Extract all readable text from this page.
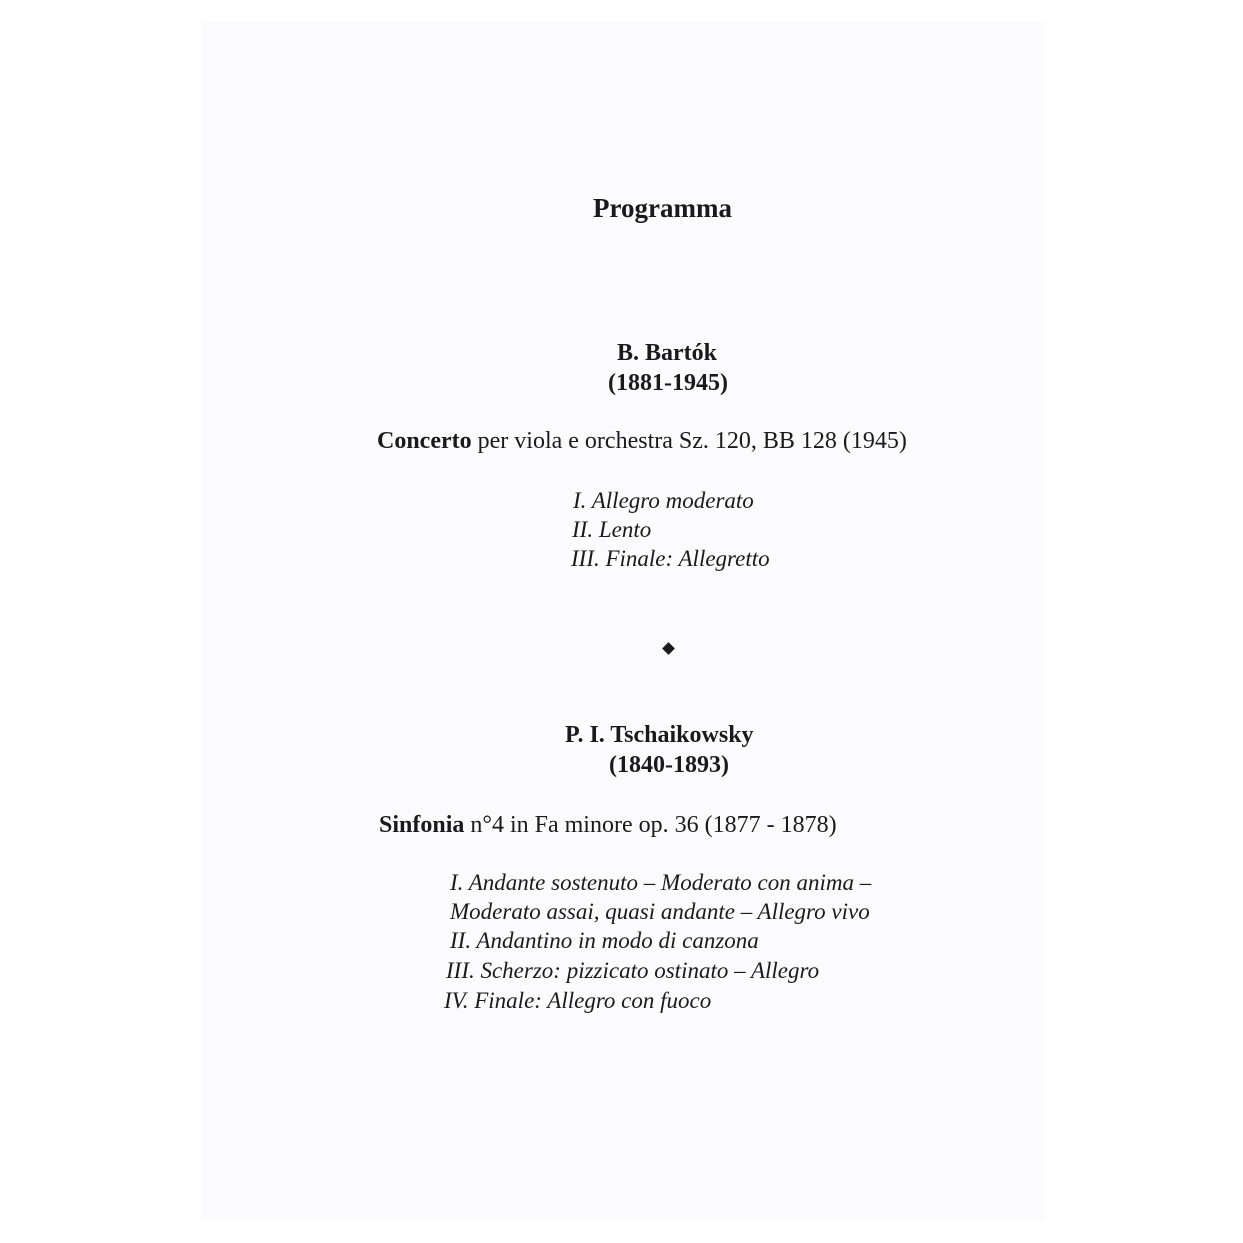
Programma

B. Bartók

(1881-1945)

Concerto per viola e orchestra Sz. 120, BB 128 (1945)

I. Allegro moderato

II. Lento

III. Finale: Allegretto

P. I. Tschaikowsky

(1840-1893)

Sinfonia n°4 in Fa minore op. 36 (1877 - 1878)

I. Andante sostenuto – Moderato con anima –

Moderato assai, quasi andante – Allegro vivo

II. Andantino in modo di canzona

III. Scherzo: pizzicato ostinato – Allegro

IV. Finale: Allegro con fuoco
